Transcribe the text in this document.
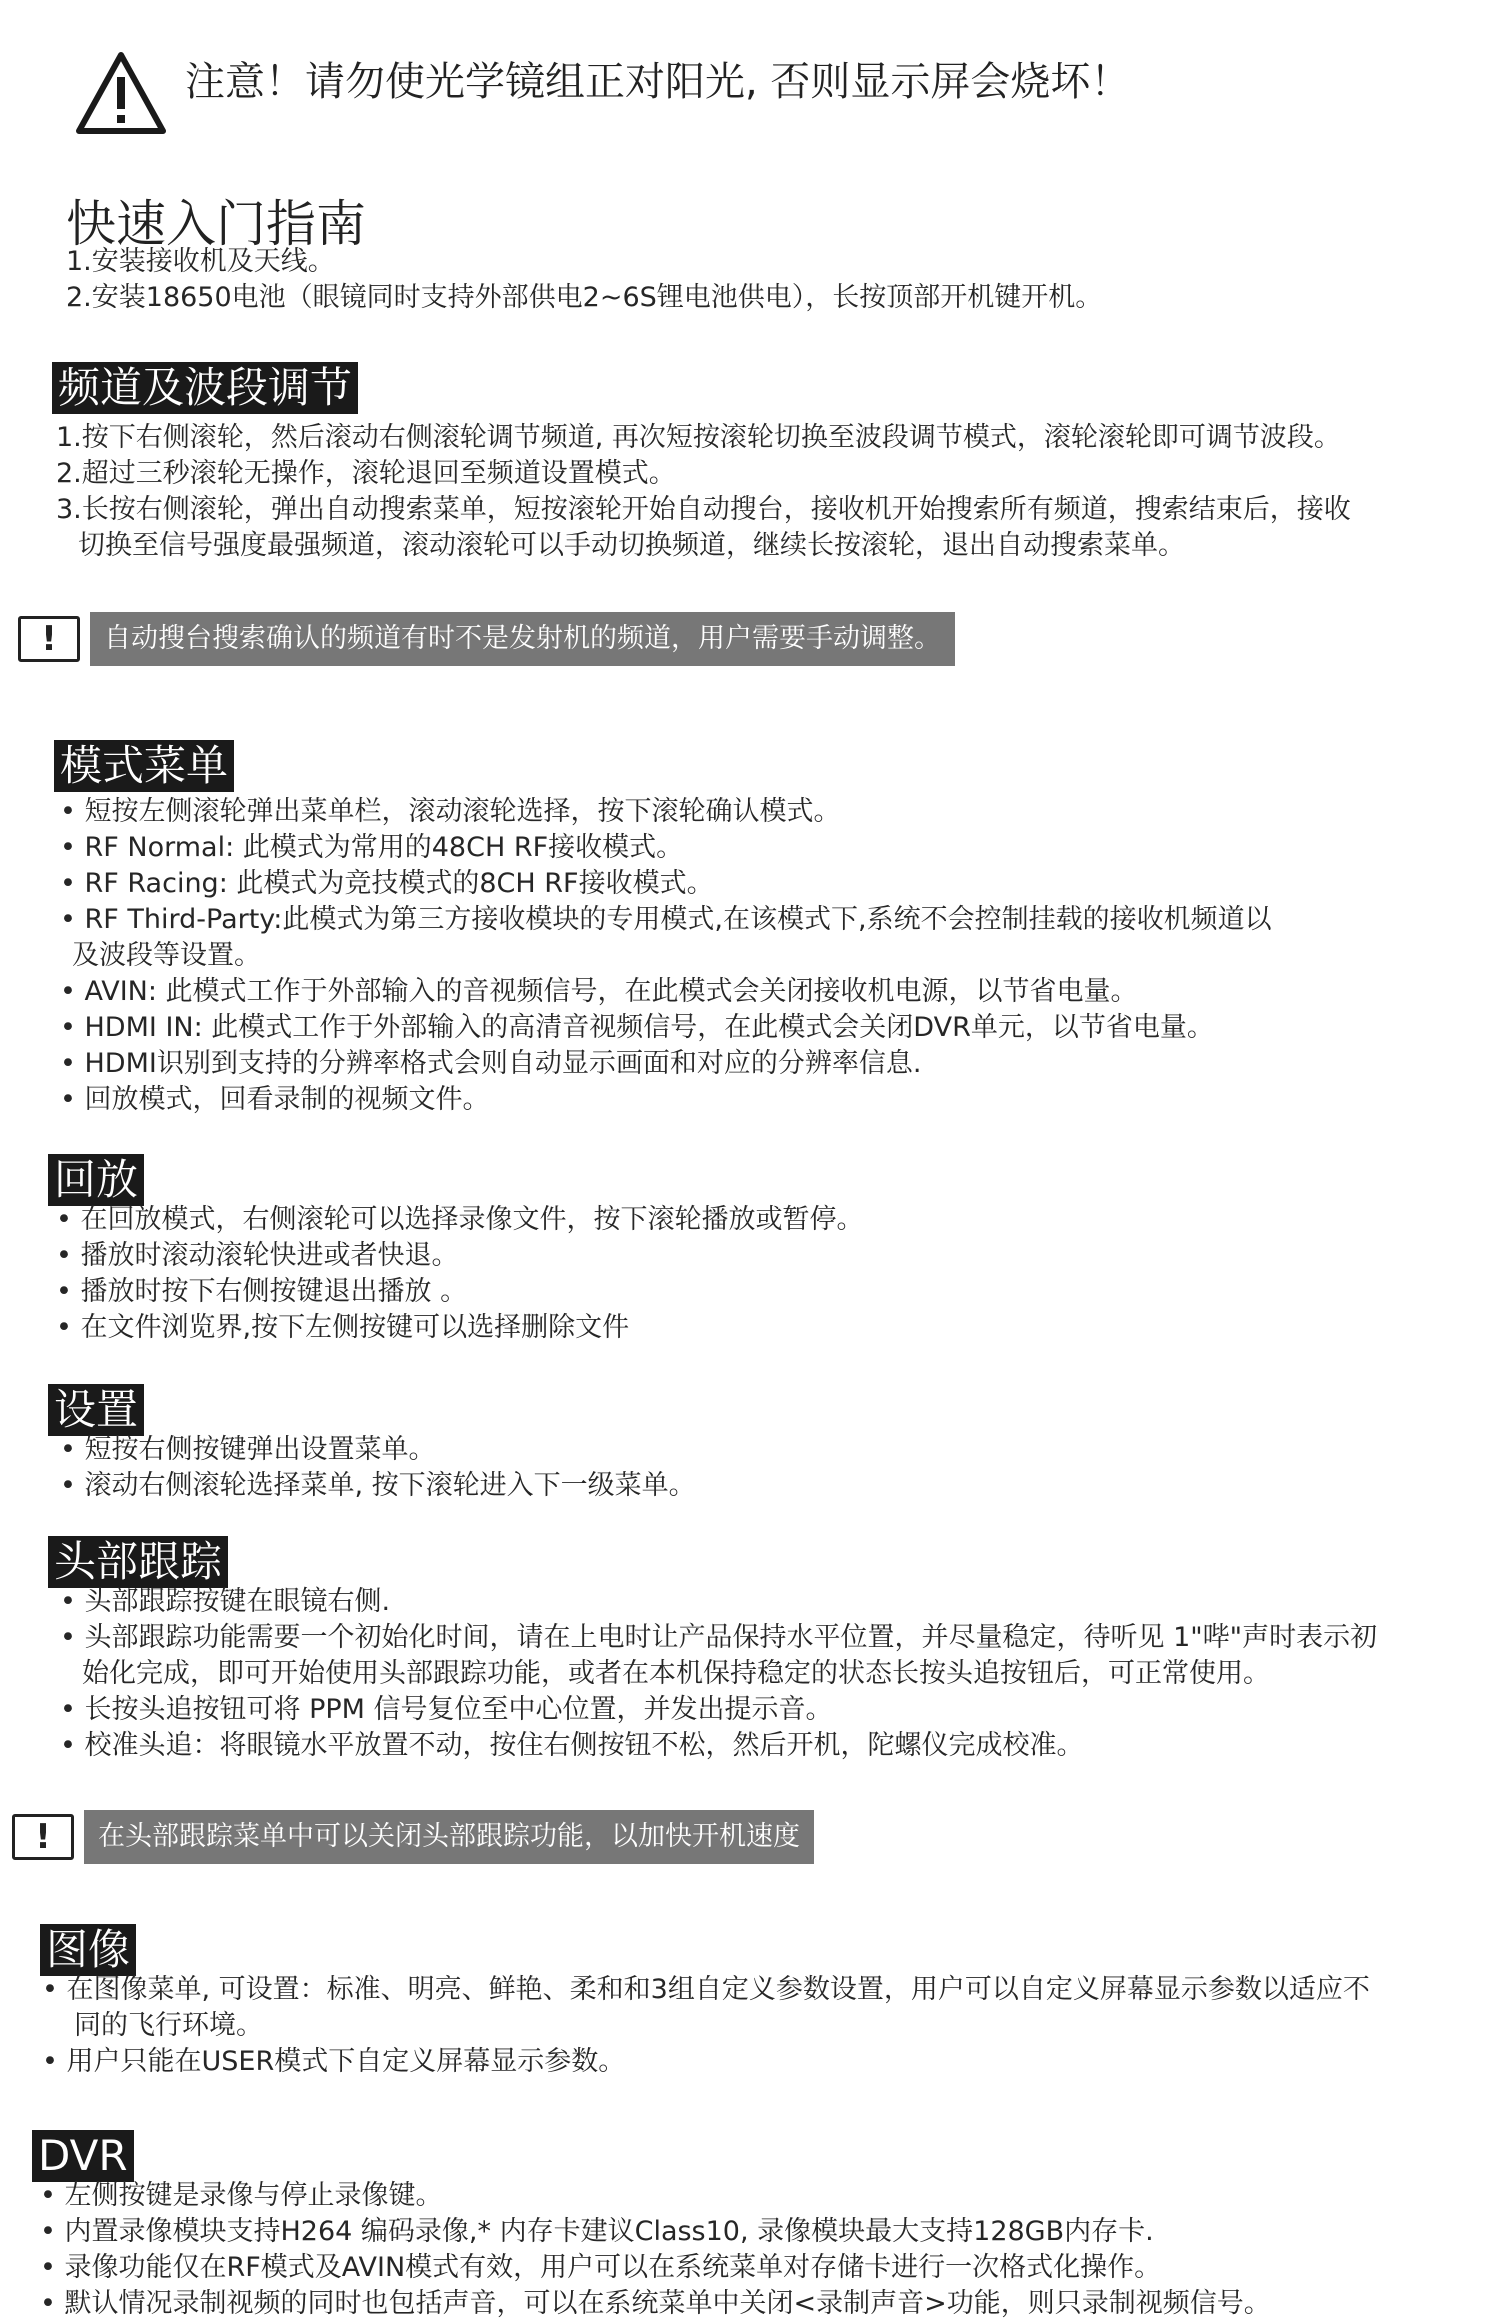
注意！请勿使光学镜组正对阳光, 否则显示屏会烧坏！
快速入门指南
1.安装接收机及天线。
2.安装18650电池（眼镜同时支持外部供电2~6S锂电池供电），长按顶部开机键开机。
频道及波段调节
1.按下右侧滚轮，然后滚动右侧滚轮调节频道, 再次短按滚轮切换至波段调节模式，滚轮滚轮即可调节波段。
2.超过三秒滚轮无操作，滚轮退回至频道设置模式。
3.长按右侧滚轮，弹出自动搜索菜单，短按滚轮开始自动搜台，接收机开始搜索所有频道，搜索结束后，接收
切换至信号强度最强频道，滚动滚轮可以手动切换频道，继续长按滚轮，退出自动搜索菜单。
!	自动搜台搜索确认的频道有时不是发射机的频道，用户需要手动调整。
模式菜单
• 短按左侧滚轮弹出菜单栏，滚动滚轮选择，按下滚轮确认模式。
• RF Normal: 此模式为常用的48CH RF接收模式。
• RF Racing: 此模式为竞技模式的8CH RF接收模式。
• RF Third-Party:此模式为第三方接收模块的专用模式,在该模式下,系统不会控制挂载的接收机频道以
及波段等设置。
• AVIN: 此模式工作于外部输入的音视频信号，在此模式会关闭接收机电源，以节省电量。
• HDMI IN: 此模式工作于外部输入的高清音视频信号，在此模式会关闭DVR单元，以节省电量。
• HDMI识别到支持的分辨率格式会则自动显示画面和对应的分辨率信息.
• 回放模式，回看录制的视频文件。
回放
• 在回放模式，右侧滚轮可以选择录像文件，按下滚轮播放或暂停。
• 播放时滚动滚轮快进或者快退。
• 播放时按下右侧按键退出播放 。
• 在文件浏览界,按下左侧按键可以选择删除文件
设置
• 短按右侧按键弹出设置菜单。
• 滚动右侧滚轮选择菜单, 按下滚轮进入下一级菜单。
头部跟踪
• 头部跟踪按键在眼镜右侧.
• 头部跟踪功能需要一个初始化时间，请在上电时让产品保持水平位置，并尽量稳定，待听见 1"哔"声时表示初
始化完成，即可开始使用头部跟踪功能，或者在本机保持稳定的状态长按头追按钮后，可正常使用。
• 长按头追按钮可将 PPM 信号复位至中心位置，并发出提示音。
• 校准头追：将眼镜水平放置不动，按住右侧按钮不松，然后开机，陀螺仪完成校准。
!	在头部跟踪菜单中可以关闭头部跟踪功能，以加快开机速度
图像
• 在图像菜单, 可设置：标准、明亮、鲜艳、柔和和3组自定义参数设置，用户可以自定义屏幕显示参数以适应不
同的飞行环境。
• 用户只能在USER模式下自定义屏幕显示参数。
DVR
• 左侧按键是录像与停止录像键。
• 内置录像模块支持H264 编码录像,* 内存卡建议Class10, 录像模块最大支持128GB内存卡.
• 录像功能仅在RF模式及AVIN模式有效，用户可以在系统菜单对存储卡进行一次格式化操作。
• 默认情况录制视频的同时也包括声音，可以在系统菜单中关闭<录制声音>功能，则只录制视频信号。
